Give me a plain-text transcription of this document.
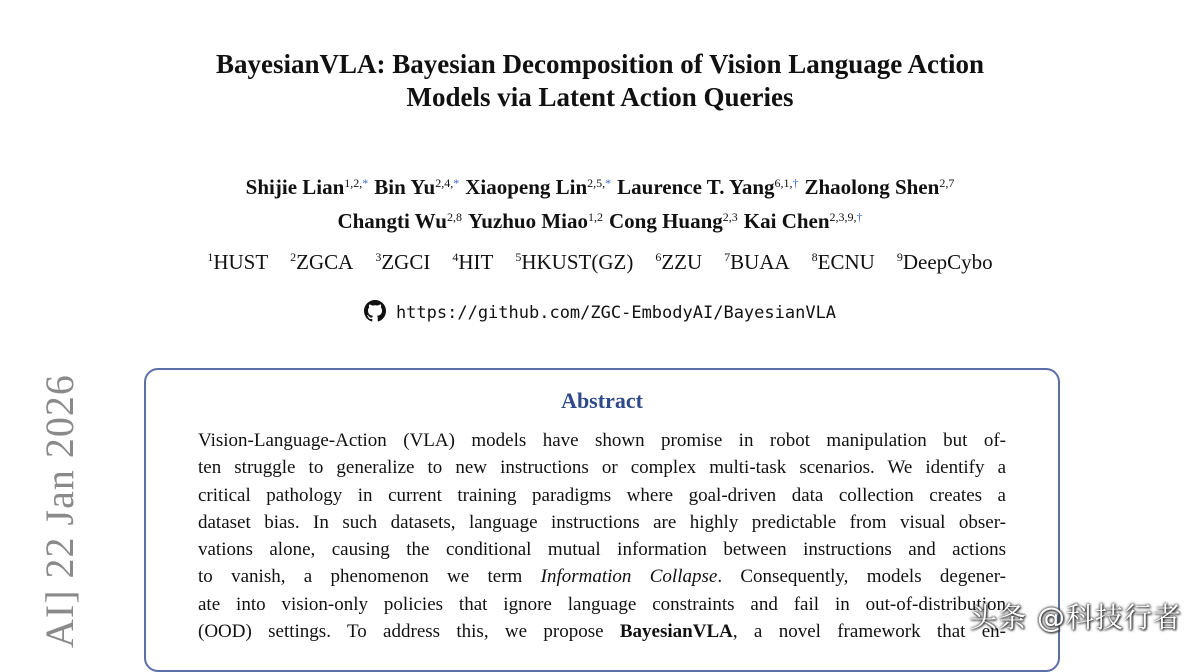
AI] 22 Jan 2026
BayesianVLA: Bayesian Decomposition of Vision Language Action
Models via Latent Action Queries
Shijie Lian$^{1,2,*}$ Bin $Yu^{2,4,*}$ Xiaopeng Lin$^{2,5,*}$ Laurence T. Yang$^{6,1,\dagger}$ Zhaolong Shen$^{2,7}$
Changti Wu$^{2,8}$ Yuzhuo Miao$^{1,2}$ Cong Huang$^{2,3}$ Kai Chen$^{2,3,9,\dagger}$
$^1$HUST $^2$ZGCA $^3$ZGCI $^4$HIT $^5$HKUST(GZ) $^6$ZZU $^7$BUAA $^8$ECNU $^9$DeepCybo
https://github.com/ZGC-EmbodyAI/BayesianVLA
Abstract
Vision-Language-Action (VLA) models have shown promise in robot manipulation but of-
ten struggle to generalize to new instructions or complex multi-task scenarios. We identify a
critical pathology in current training paradigms where goal-driven data collection creates a
dataset bias. In such datasets, language instructions are highly predictable from visual obser-
vations alone, causing the conditional mutual information between instructions and actions
to vanish, a phenomenon we term Information Collapse. Consequently, models degener-
ate into vision-only policies that ignore language constraints and fail in out-of-distribution
(OOD) settings. To address this, we propose BayesianVLA, a novel framework that en-
头条 @科技行者
